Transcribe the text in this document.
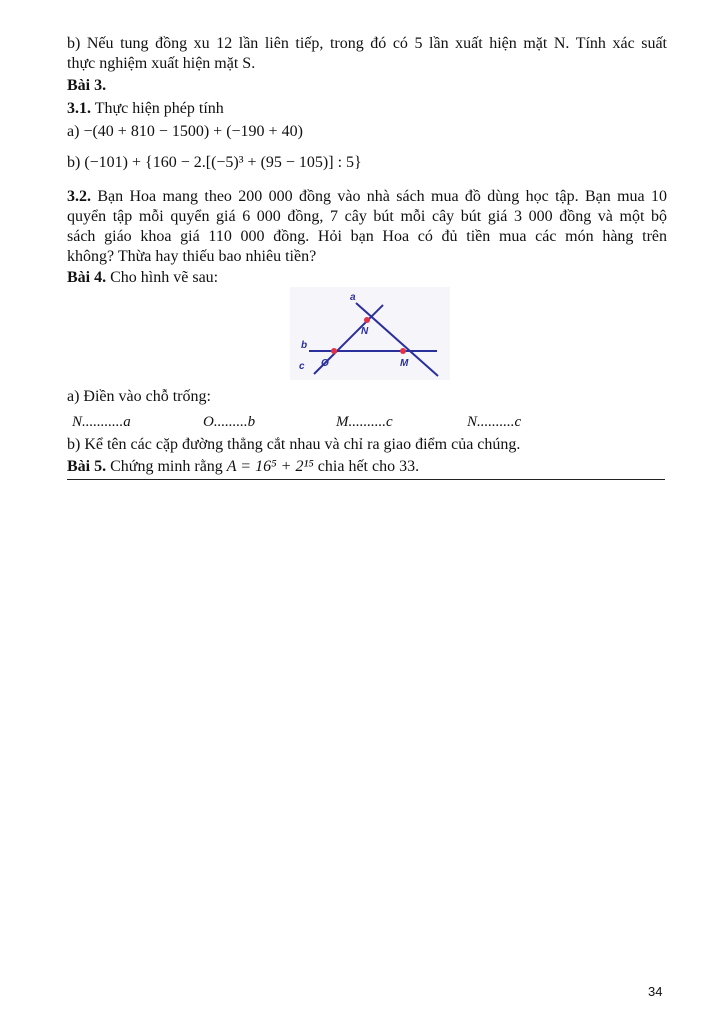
b) Nếu tung đồng xu 12 lần liên tiếp, trong đó có 5 lần xuất hiện mặt N. Tính xác suất
thực nghiệm xuất hiện mặt S.
Bài 3.
3.1. Thực hiện phép tính
a) −(40 + 810 − 1500) + (−190 + 40)
b) (−101) + {160 − 2.[(−5)³ + (95 − 105)] : 5}
3.2. Bạn Hoa mang theo 200 000 đồng vào nhà sách mua đồ dùng học tập. Bạn mua 10
quyển tập mỗi quyển giá 6 000 đồng, 7 cây bút mỗi cây bút giá 3 000 đồng và một bộ
sách giáo khoa giá 110 000 đồng. Hỏi bạn Hoa có đủ tiền mua các món hàng trên
không? Thừa hay thiếu bao nhiêu tiền?
Bài 4. Cho hình vẽ sau:
a
b
c
N
O	M
a) Điền vào chỗ trống:
N...........a	O.........b	M..........c	N..........c
b) Kể tên các cặp đường thẳng cắt nhau và chỉ ra giao điểm của chúng.
Bài 5. Chứng minh rằng A = 16⁵ + 2¹⁵ chia hết cho 33.
34
